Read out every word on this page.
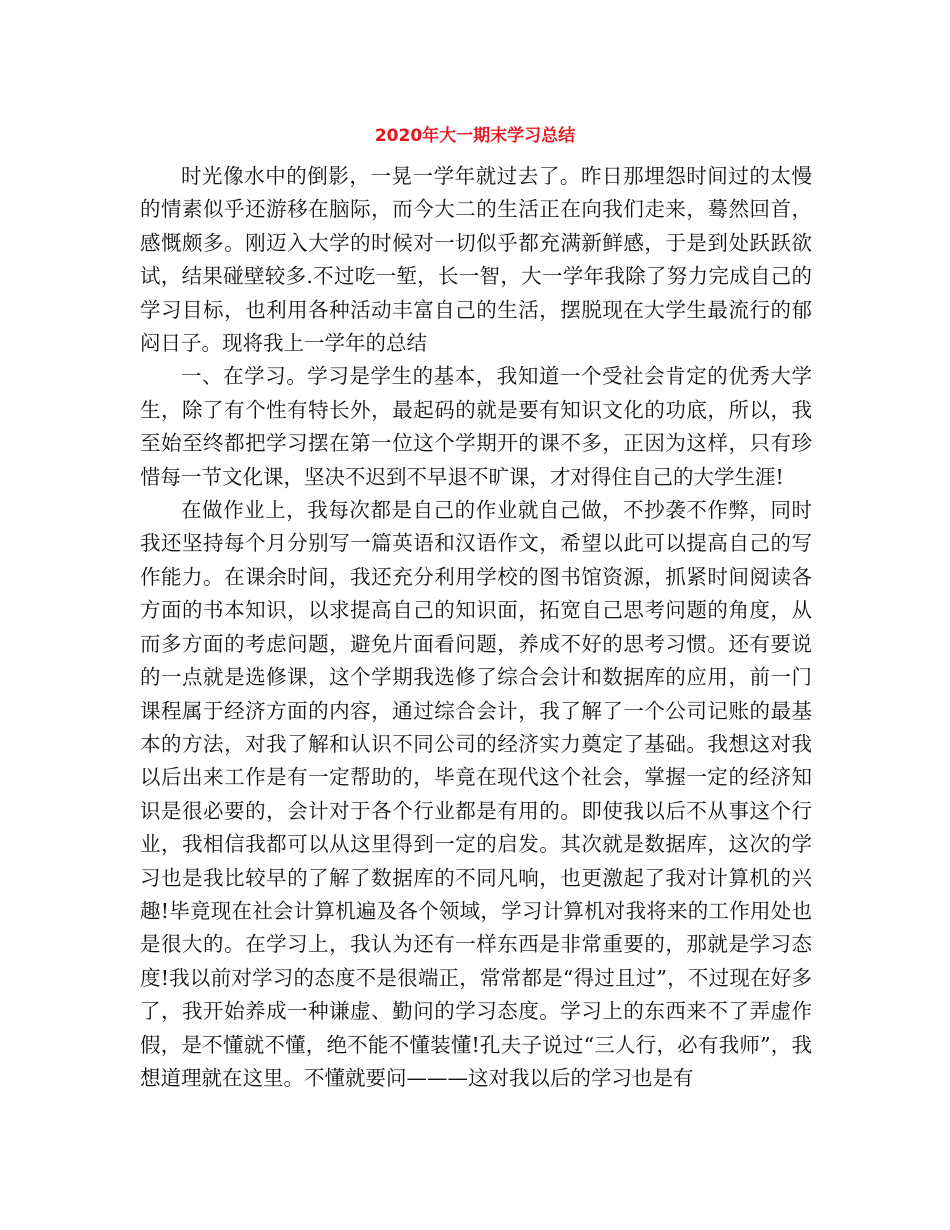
2020年大一期末学习总结

时光像水中的倒影，一晃一学年就过去了。昨日那埋怨时间过的太慢的情素似乎还游移在脑际，而今大二的生活正在向我们走来，蓦然回首，感慨颇多。刚迈入大学的时候对一切似乎都充满新鲜感，于是到处跃跃欲试，结果碰壁较多.不过吃一堑，长一智，大一学年我除了努力完成自己的学习目标，也利用各种活动丰富自己的生活，摆脱现在大学生最流行的郁闷日子。现将我上一学年的总结

一、在学习。学习是学生的基本，我知道一个受社会肯定的优秀大学生，除了有个性有特长外，最起码的就是要有知识文化的功底，所以，我至始至终都把学习摆在第一位这个学期开的课不多，正因为这样，只有珍惜每一节文化课，坚决不迟到不早退不旷课，才对得住自己的大学生涯!

在做作业上，我每次都是自己的作业就自己做，不抄袭不作弊，同时我还坚持每个月分别写一篇英语和汉语作文，希望以此可以提高自己的写作能力。在课余时间，我还充分利用学校的图书馆资源，抓紧时间阅读各方面的书本知识，以求提高自己的知识面，拓宽自己思考问题的角度，从而多方面的考虑问题，避免片面看问题，养成不好的思考习惯。还有要说的一点就是选修课，这个学期我选修了综合会计和数据库的应用，前一门课程属于经济方面的内容，通过综合会计，我了解了一个公司记账的最基本的方法，对我了解和认识不同公司的经济实力奠定了基础。我想这对我以后出来工作是有一定帮助的，毕竟在现代这个社会，掌握一定的经济知识是很必要的，会计对于各个行业都是有用的。即使我以后不从事这个行业，我相信我都可以从这里得到一定的启发。其次就是数据库，这次的学习也是我比较早的了解了数据库的不同凡响，也更激起了我对计算机的兴趣!毕竟现在社会计算机遍及各个领域，学习计算机对我将来的工作用处也是很大的。在学习上，我认为还有一样东西是非常重要的，那就是学习态度!我以前对学习的态度不是很端正，常常都是“得过且过”，不过现在好多了，我开始养成一种谦虚、勤问的学习态度。学习上的东西来不了弄虚作假，是不懂就不懂，绝不能不懂装懂!孔夫子说过“三人行，必有我师”，我想道理就在这里。不懂就要问———这对我以后的学习也是有
